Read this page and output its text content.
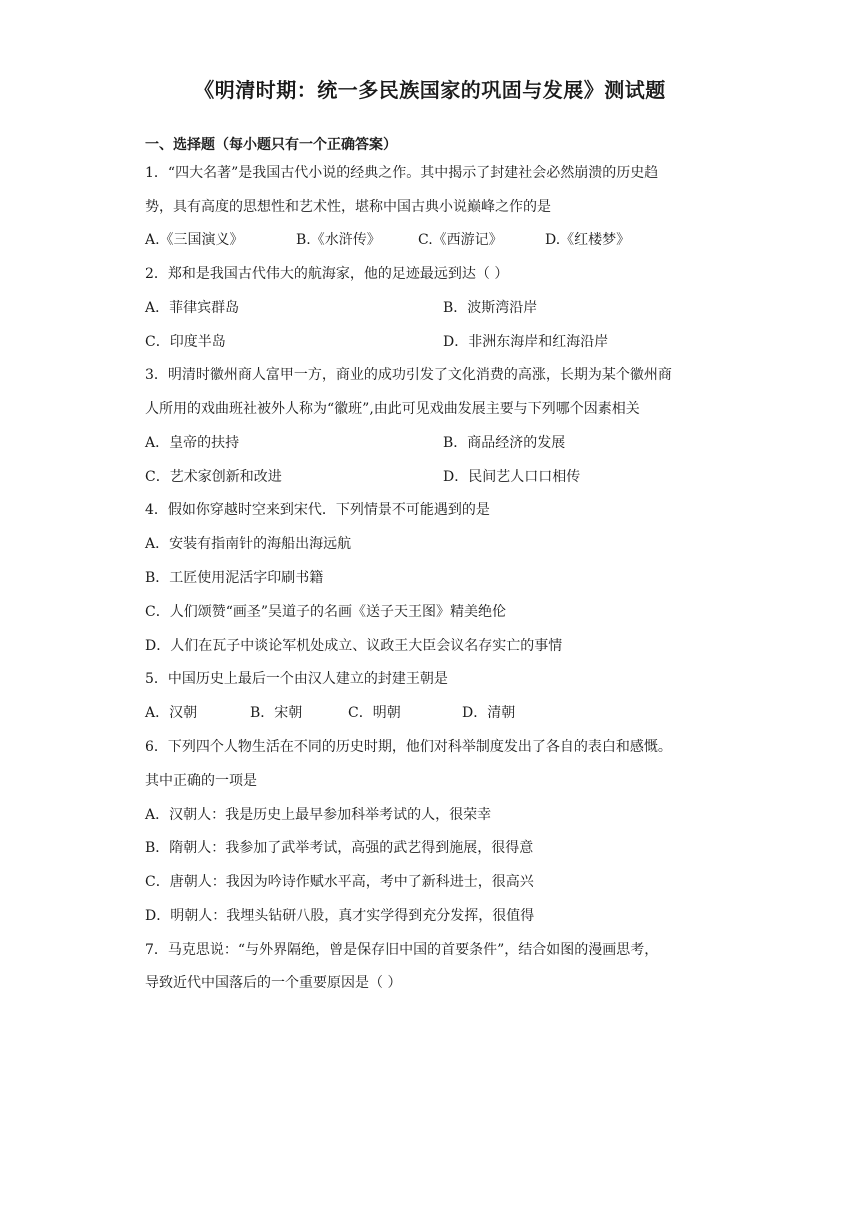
《明清时期：统一多民族国家的巩固与发展》测试题
一、选择题（每小题只有一个正确答案）
1．“四大名著”是我国古代小说的经典之作。其中揭示了封建社会必然崩溃的历史趋
势，具有高度的思想性和艺术性，堪称中国古典小说巅峰之作的是
A.《三国演义》	B.《水浒传》	C.《西游记》	D.《红楼梦》
2．郑和是我国古代伟大的航海家，他的足迹最远到达（ ）
A．菲律宾群岛	B．波斯湾沿岸
C．印度半岛	D．非洲东海岸和红海沿岸
3．明清时徽州商人富甲一方，商业的成功引发了文化消费的高涨，长期为某个徽州商
人所用的戏曲班社被外人称为“徽班”,由此可见戏曲发展主要与下列哪个因素相关
A．皇帝的扶持	B．商品经济的发展
C．艺术家创新和改进	D．民间艺人口口相传
4．假如你穿越时空来到宋代．下列情景不可能遇到的是
A．安装有指南针的海船出海远航
B．工匠使用泥活字印刷书籍
C．人们颂赞“画圣”吴道子的名画《送子天王图》精美绝伦
D．人们在瓦子中谈论军机处成立、议政王大臣会议名存实亡的事情
5．中国历史上最后一个由汉人建立的封建王朝是
A．汉朝	B．宋朝	C．明朝	D．清朝
6．下列四个人物生活在不同的历史时期，他们对科举制度发出了各自的表白和感慨。
其中正确的一项是
A．汉朝人：我是历史上最早参加科举考试的人，很荣幸
B．隋朝人：我参加了武举考试，高强的武艺得到施展，很得意
C．唐朝人：我因为吟诗作赋水平高，考中了新科进士，很高兴
D．明朝人：我埋头钻研八股，真才实学得到充分发挥，很值得
7．马克思说：“与外界隔绝，曾是保存旧中国的首要条件”，结合如图的漫画思考，
导致近代中国落后的一个重要原因是（ ）
